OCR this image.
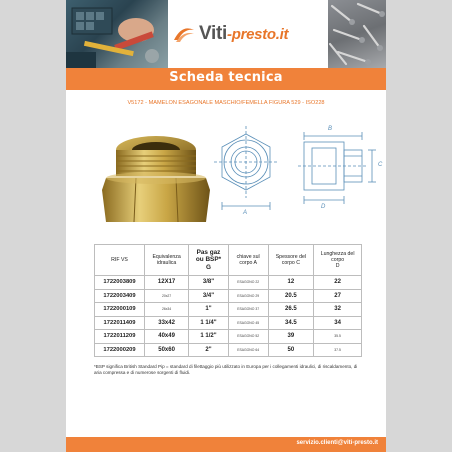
Viti-presto.it
Scheda tecnica
V5172 - MAMELON ESAGONALE MASCHIO/FEMELLA FIGURA 529 - ISO228
B
C
A
D
RIF VS	Equivalenza
idraulica	Pas gaz
ou BSP*
G	chiave sul
corpo A	Spessore del
corpo C	Lunghezza del
corpo
D
1722003809	12X17	3/8"	ESAGONO 22	12	22
1722003409	20x27	3/4"	ESAGONO 29	20.5	27
1722000109	26x34	1"	ESAGONO 37	26.5	32
1722011409	33x42	1 1/4"	ESAGONO 45	34.5	34
1722011209	40x49	1 1/2"	ESAGONO 52	39	35.5
1722000209	50x60	2"	ESAGONO 64	50	37.5
*BSP significa British Standard Pip = standard di filettaggio più utilizzato in Europa per i collegamenti idraulici, di riscaldamento, di aria compressa e di numerose sorgenti di fluidi.
servizio.clienti@viti-presto.it
